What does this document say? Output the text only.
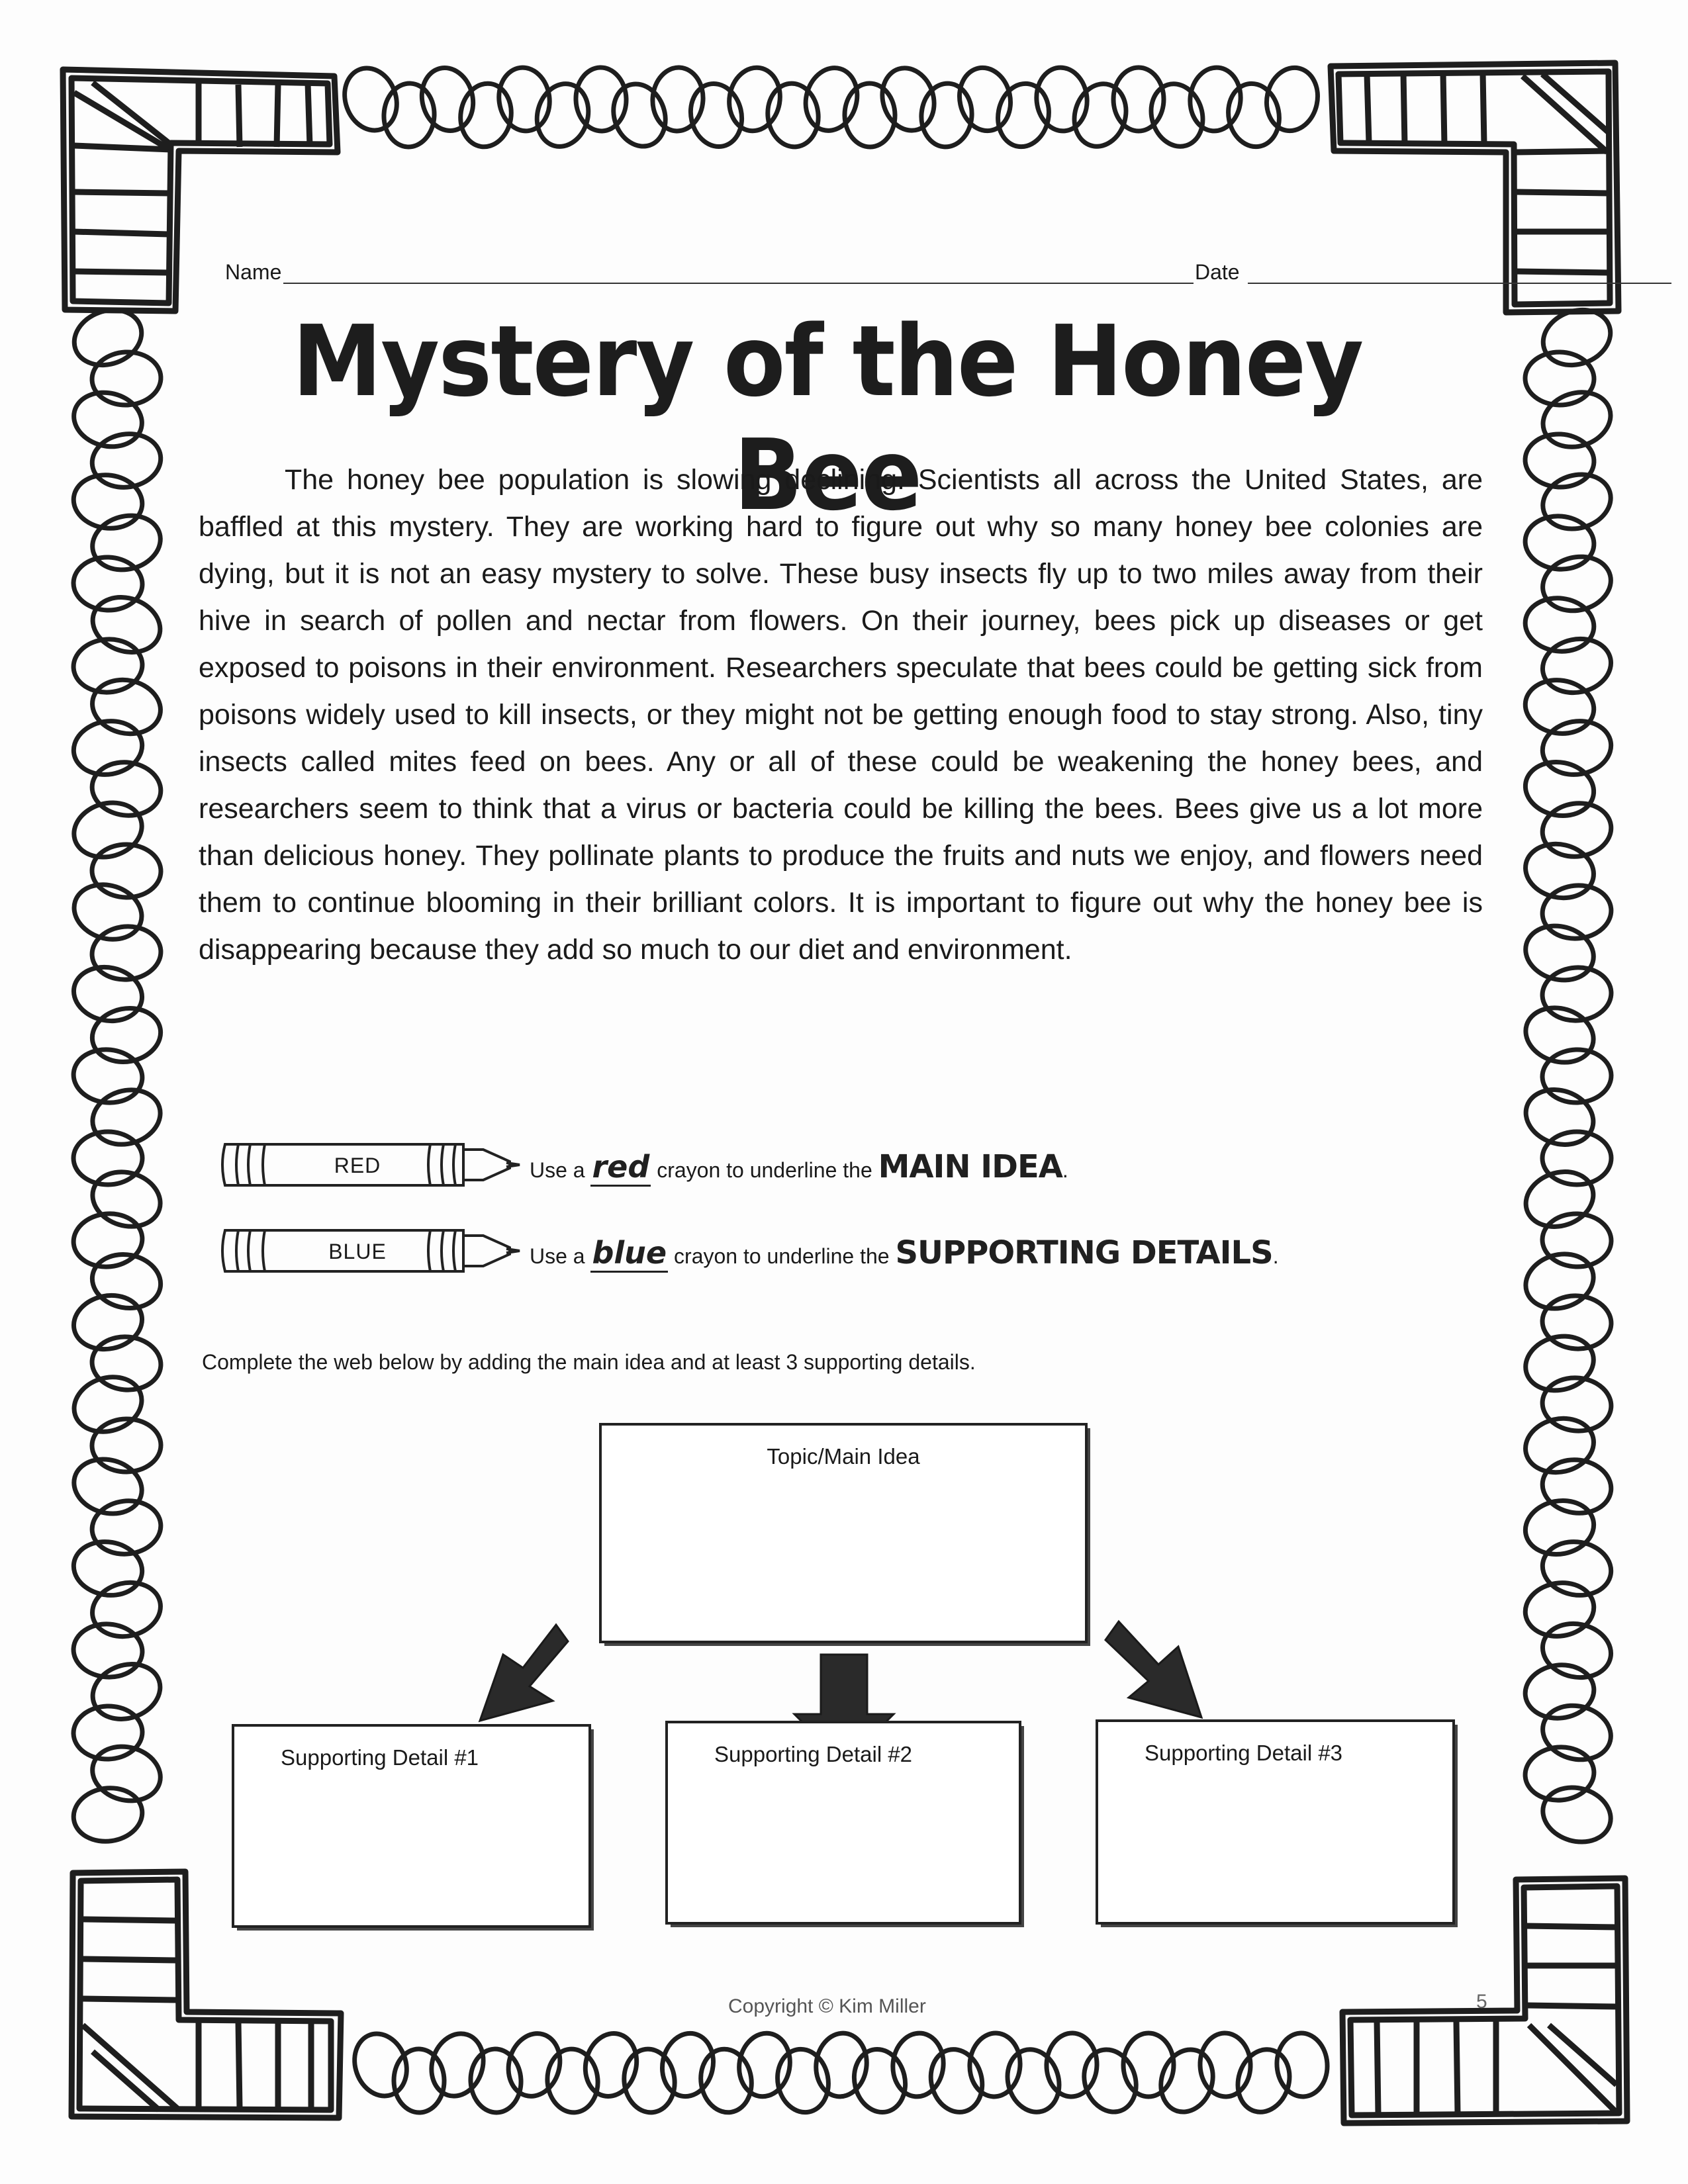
Name	Date
Mystery of the Honey Bee
The honey bee population is slowing declining. Scientists all across the United States, are baffled at this mystery. They are working hard to figure out why so many honey bee colonies are dying, but it is not an easy mystery to solve. These busy insects fly up to two miles away from their hive in search of pollen and nectar from flowers. On their journey, bees pick up diseases or get exposed to poisons in their environment. Researchers speculate that bees could be getting sick from poisons widely used to kill insects, or they might not be getting enough food to stay strong. Also, tiny insects called mites feed on bees. Any or all of these could be weakening the honey bees, and researchers seem to think that a virus or bacteria could be killing the bees. Bees give us a lot more than delicious honey. They pollinate plants to produce the fruits and nuts we enjoy, and flowers need them to continue blooming in their brilliant colors. It is important to figure out why the honey bee is disappearing because they add so much to our diet and environment.
RED	Use a red crayon to underline the MAIN IDEA.
BLUE	Use a blue crayon to underline the SUPPORTING DETAILS.
Complete the web below by adding the main idea and at least 3 supporting details.
Topic/Main Idea
Supporting Detail #1	Supporting Detail #2	Supporting Detail #3
Copyright © Kim Miller	5
